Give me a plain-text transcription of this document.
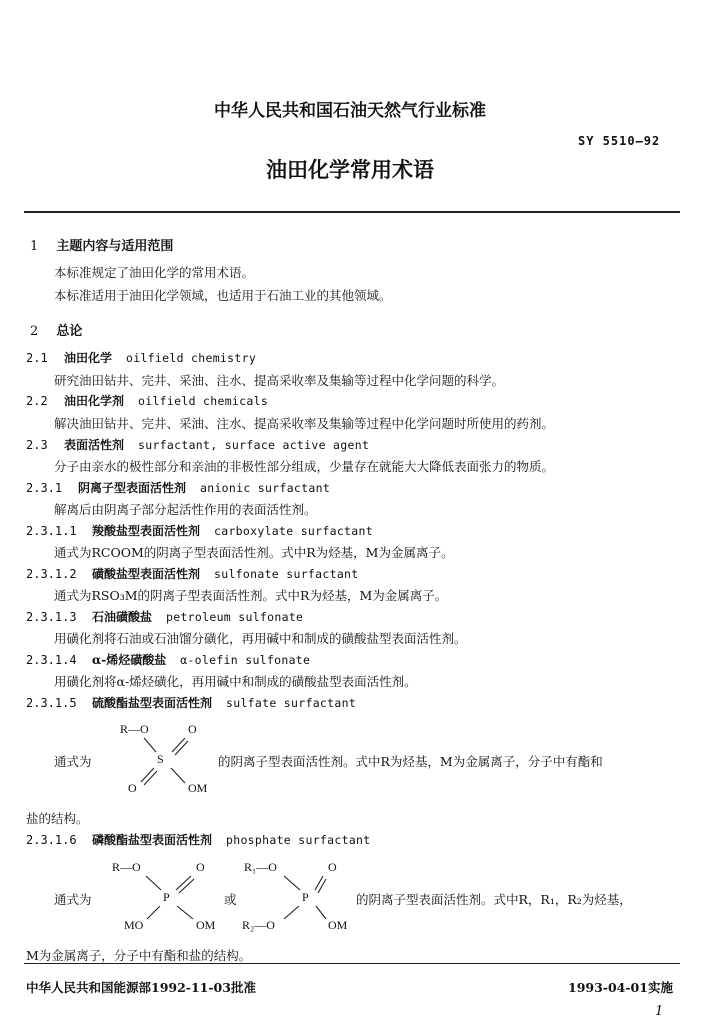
中华人民共和国石油天然气行业标准
SY 5510—92
油田化学常用术语
1 主题内容与适用范围
本标准规定了油田化学的常用术语。
本标准适用于油田化学领域，也适用于石油工业的其他领域。
2 总论
2.1 油田化学 oilfield chemistry
研究油田钻井、完井、采油、注水、提高采收率及集输等过程中化学问题的科学。
2.2 油田化学剂 oilfield chemicals
解决油田钻井、完井、采油、注水、提高采收率及集输等过程中化学问题时所使用的药剂。
2.3 表面活性剂 surfactant, surface active agent
分子由亲水的极性部分和亲油的非极性部分组成，少量存在就能大大降低表面张力的物质。
2.3.1 阴离子型表面活性剂 anionic surfactant
解离后由阴离子部分起活性作用的表面活性剂。
2.3.1.1 羧酸盐型表面活性剂 carboxylate surfactant
通式为RCOOM的阴离子型表面活性剂。式中R为烃基，M为金属离子。
2.3.1.2 磺酸盐型表面活性剂 sulfonate surfactant
通式为RSO₃M的阴离子型表面活性剂。式中R为烃基，M为金属离子。
2.3.1.3 石油磺酸盐 petroleum sulfonate
用磺化剂将石油或石油馏分磺化，再用碱中和制成的磺酸盐型表面活性剂。
2.3.1.4 α-烯烃磺酸盐 α-olefin sulfonate
用磺化剂将α-烯烃磺化，再用碱中和制成的磺酸盐型表面活性剂。
2.3.1.5 硫酸酯盐型表面活性剂 sulfate surfactant
R—O	O
S
O	OM
通式为	的阴离子型表面活性剂。式中R为烃基，M为金属离子，分子中有酯和
盐的结构。
2.3.1.6 磷酸酯盐型表面活性剂 phosphate surfactant
R—O	O
P
MO	OM
R₁—O	O
P
R₂—O	OM
通式为	或	的阴离子型表面活性剂。式中R，R₁，R₂为烃基，
M为金属离子，分子中有酯和盐的结构。
中华人民共和国能源部1992-11-03批准	1993-04-01实施
1
